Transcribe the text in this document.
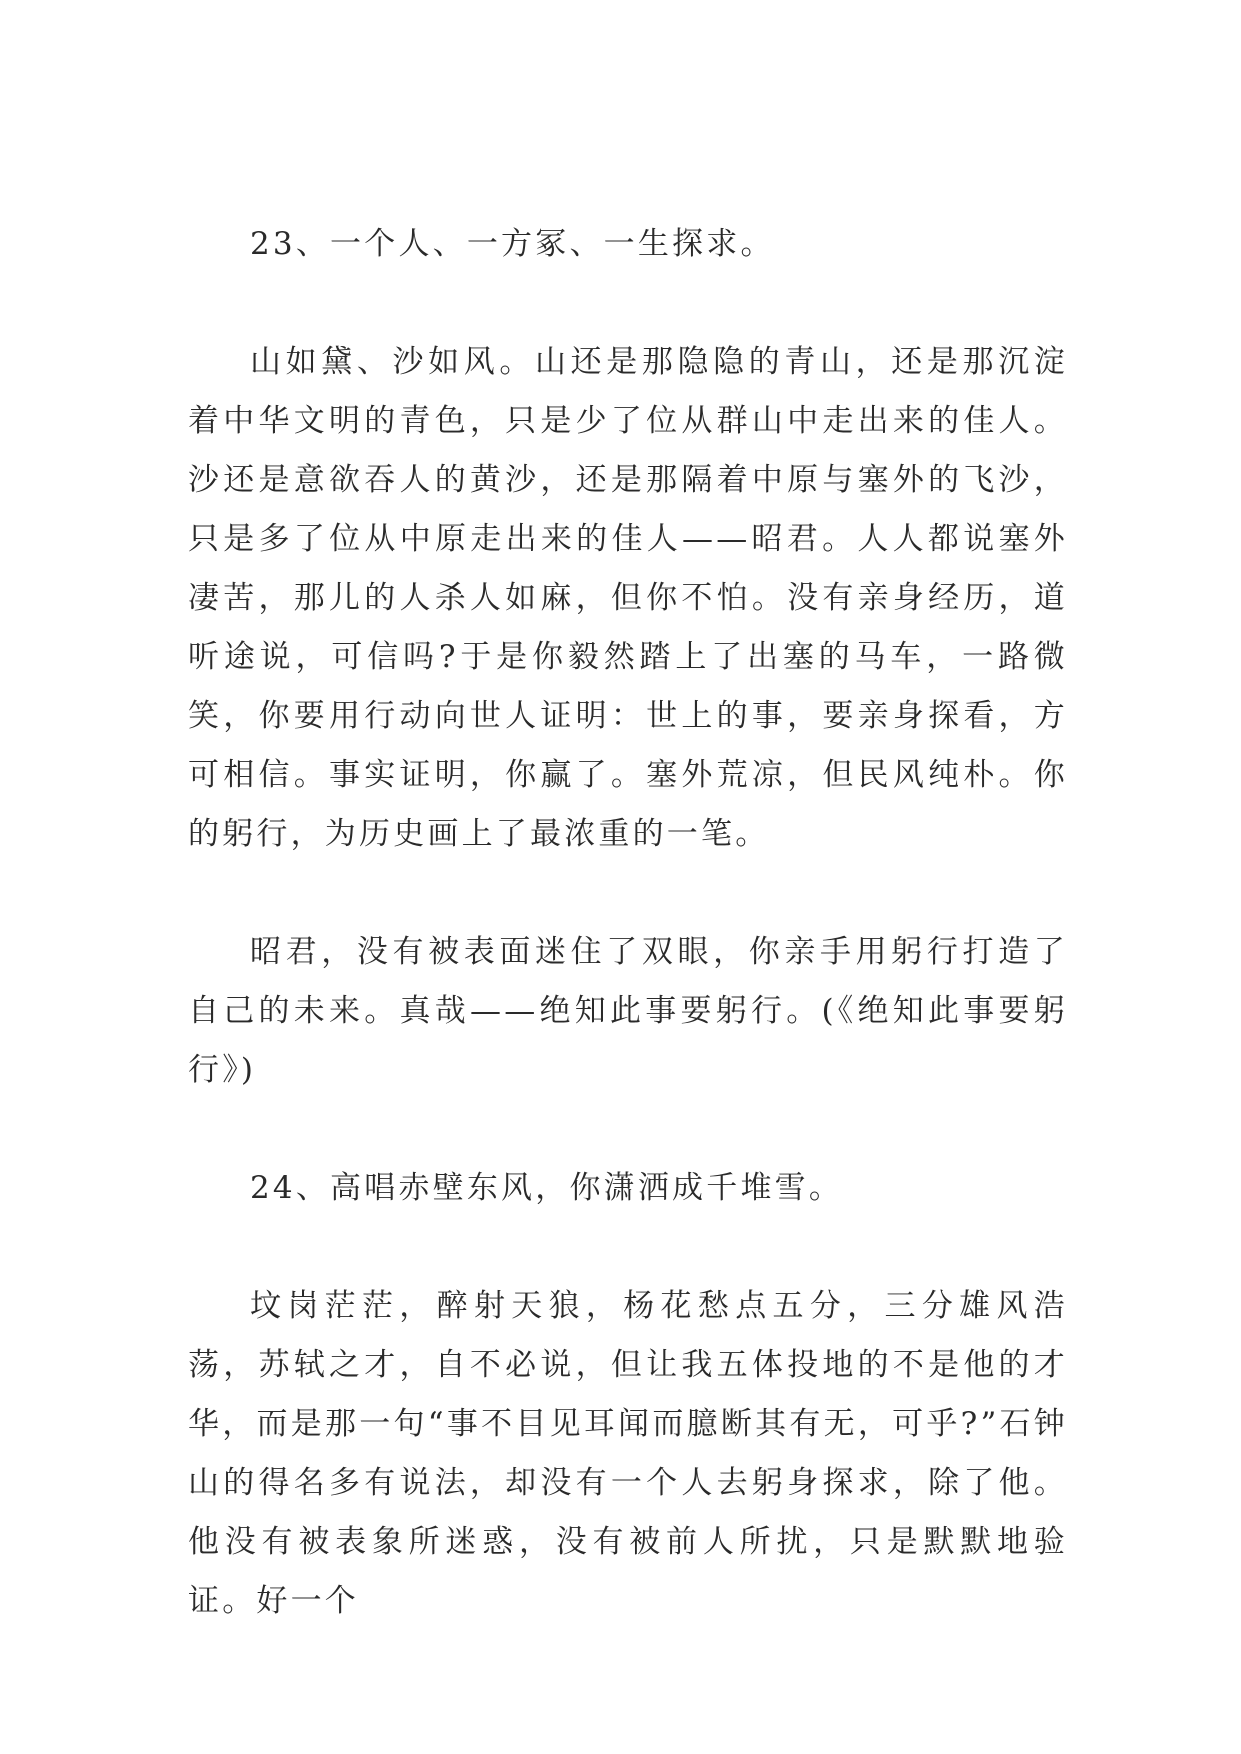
23、一个人、一方冢、一生探求。

山如黛、沙如风。山还是那隐隐的青山，还是那沉淀着中华文明的青色，只是少了位从群山中走出来的佳人。沙还是意欲吞人的黄沙，还是那隔着中原与塞外的飞沙，只是多了位从中原走出来的佳人——昭君。人人都说塞外凄苦，那儿的人杀人如麻，但你不怕。没有亲身经历，道听途说，可信吗?于是你毅然踏上了出塞的马车，一路微笑，你要用行动向世人证明：世上的事，要亲身探看，方可相信。事实证明，你赢了。塞外荒凉，但民风纯朴。你的躬行，为历史画上了最浓重的一笔。

昭君，没有被表面迷住了双眼，你亲手用躬行打造了自己的未来。真哉——绝知此事要躬行。(《绝知此事要躬行》)

24、高唱赤壁东风，你潇洒成千堆雪。

坟岗茫茫，醉射天狼，杨花愁点五分，三分雄风浩荡，苏轼之才，自不必说，但让我五体投地的不是他的才华，而是那一句“事不目见耳闻而臆断其有无，可乎?”石钟山的得名多有说法，却没有一个人去躬身探求，除了他。他没有被表象所迷惑，没有被前人所扰，只是默默地验证。好一个
